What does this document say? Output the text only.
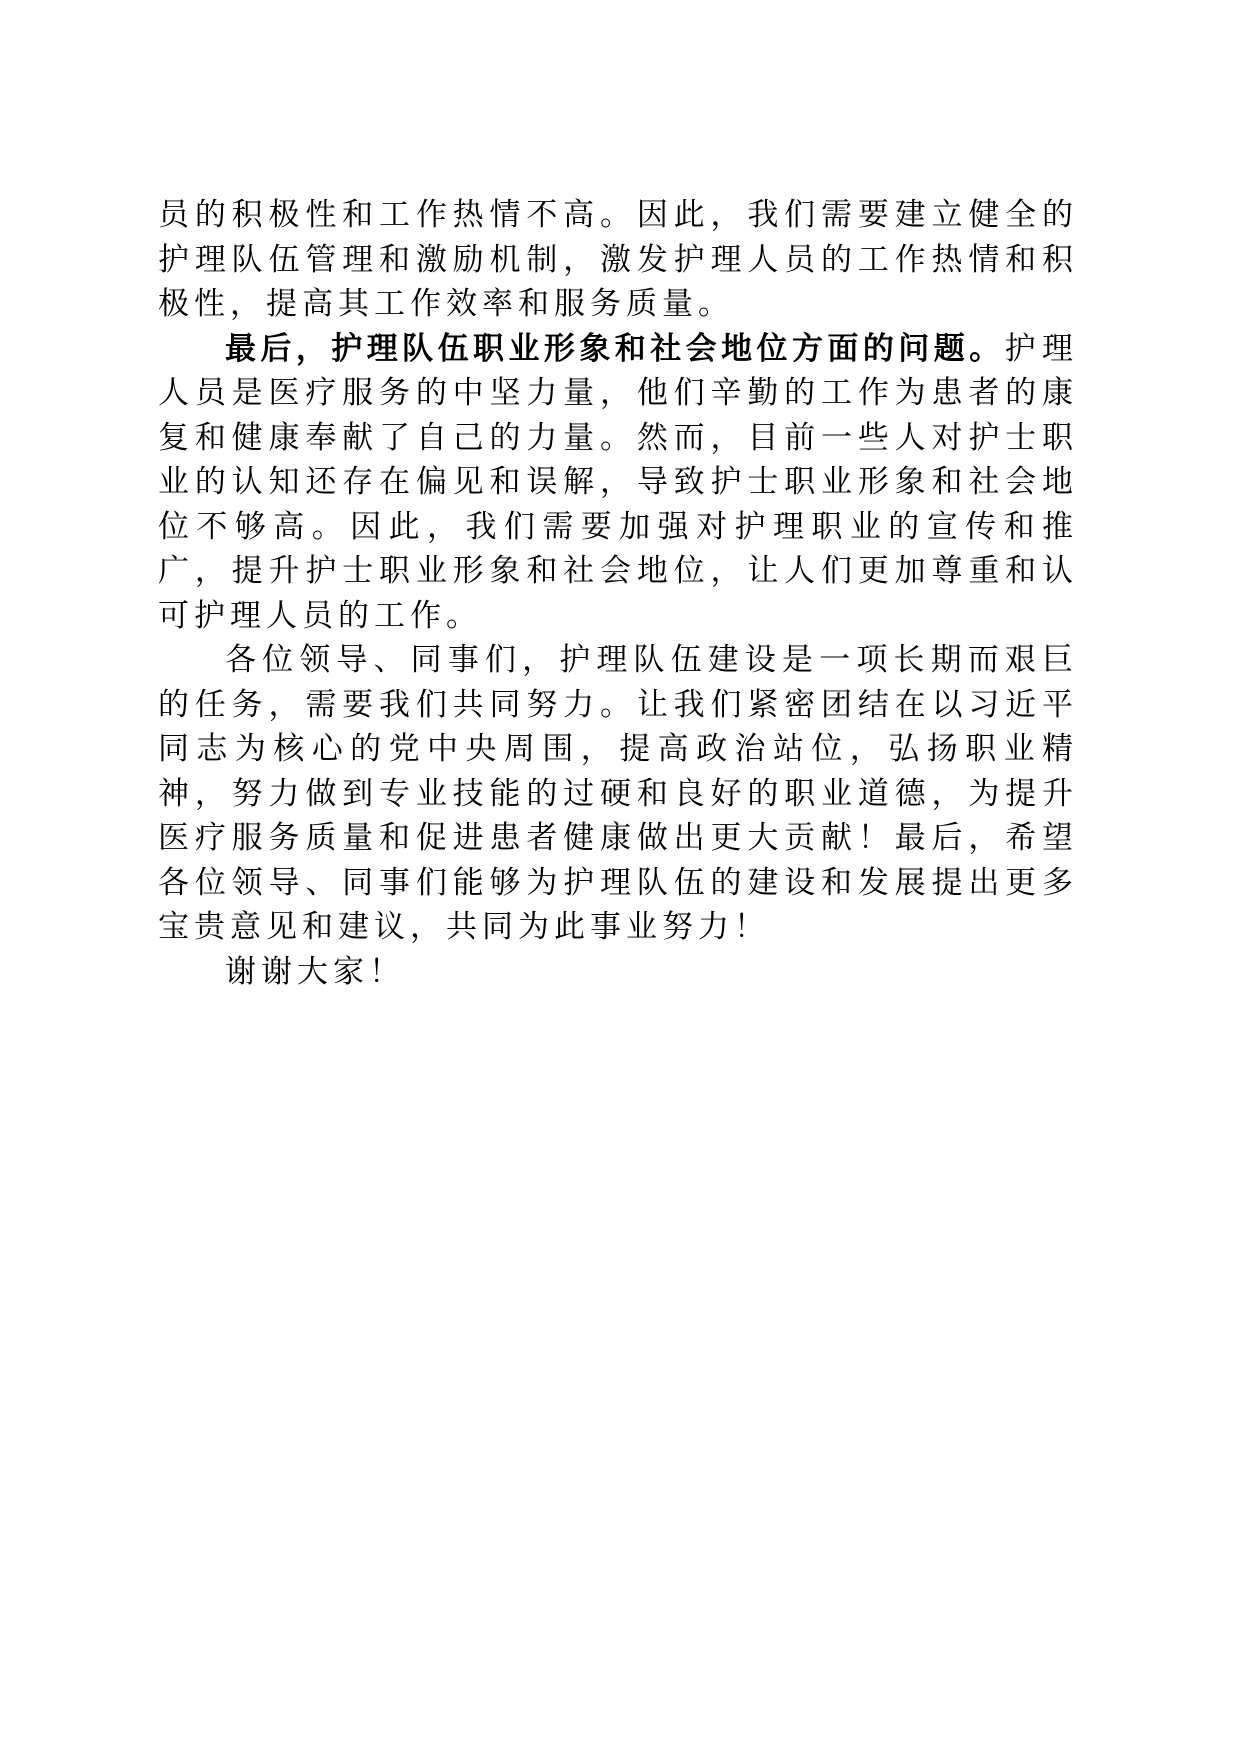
员的积极性和工作热情不高。因此，我们需要建立健全的护理队伍管理和激励机制，激发护理人员的工作热情和积极性，提高其工作效率和服务质量。

最后，护理队伍职业形象和社会地位方面的问题。护理人员是医疗服务的中坚力量，他们辛勤的工作为患者的康复和健康奉献了自己的力量。然而，目前一些人对护士职业的认知还存在偏见和误解，导致护士职业形象和社会地位不够高。因此，我们需要加强对护理职业的宣传和推广，提升护士职业形象和社会地位，让人们更加尊重和认可护理人员的工作。

各位领导、同事们，护理队伍建设是一项长期而艰巨的任务，需要我们共同努力。让我们紧密团结在以习近平同志为核心的党中央周围，提高政治站位，弘扬职业精神，努力做到专业技能的过硬和良好的职业道德，为提升医疗服务质量和促进患者健康做出更大贡献！最后，希望各位领导、同事们能够为护理队伍的建设和发展提出更多宝贵意见和建议，共同为此事业努力！

谢谢大家！
